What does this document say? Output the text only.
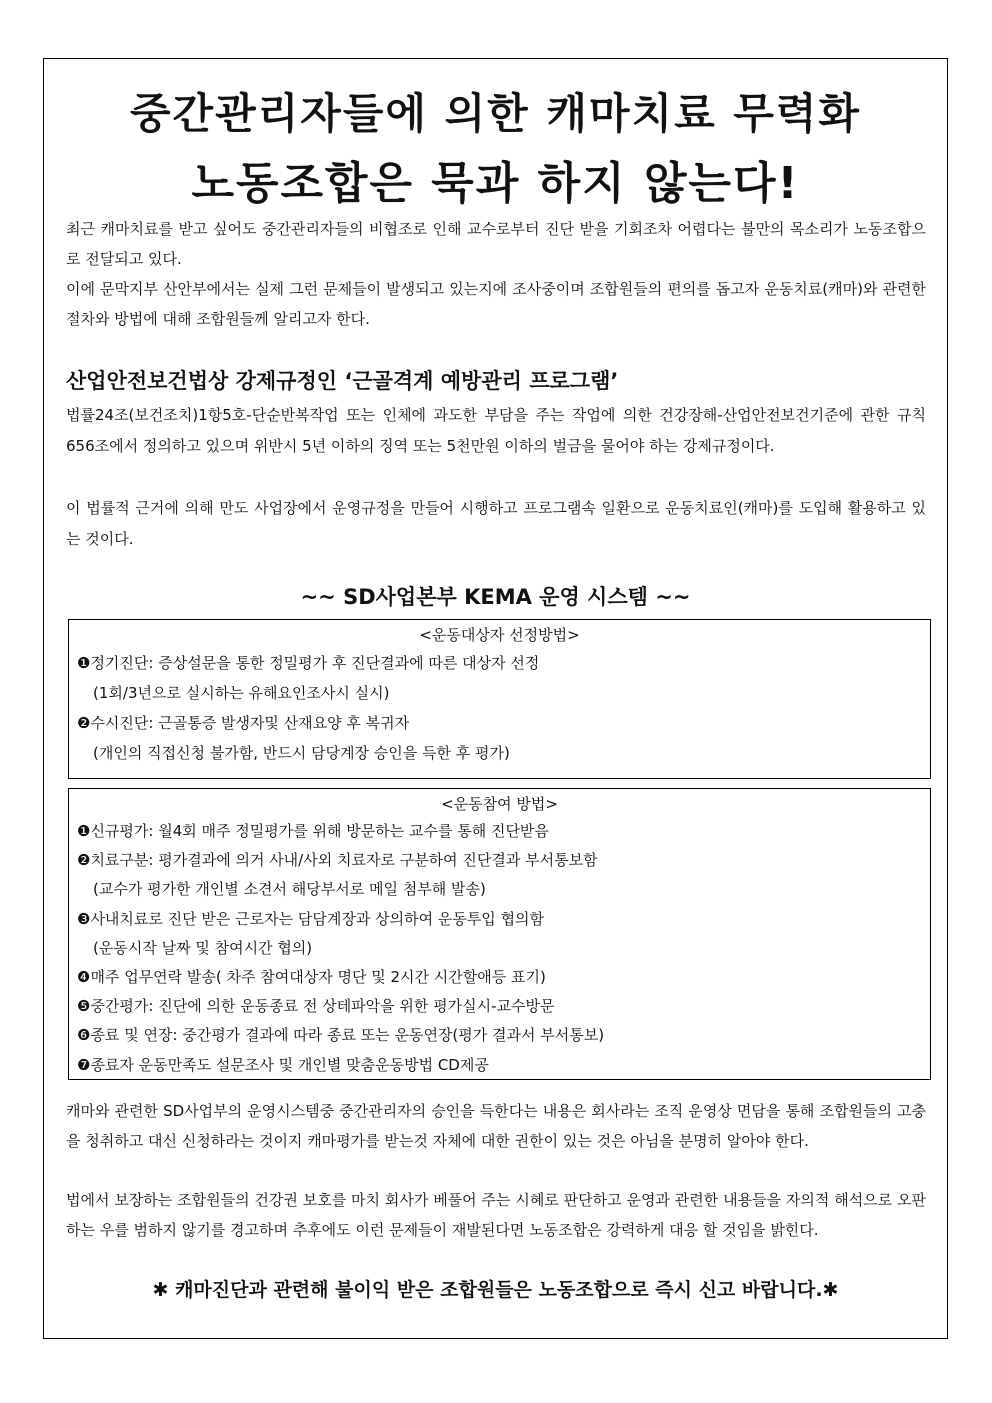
중간관리자들에 의한 캐마치료 무력화
노동조합은 묵과 하지 않는다!

최근 캐마치료를 받고 싶어도 중간관리자들의 비협조로 인해 교수로부터 진단 받을 기회조차 어렵다는 불만의 목소리가 노동조합으로 전달되고 있다.

이에 문막지부 산안부에서는 실제 그런 문제들이 발생되고 있는지에 조사중이며 조합원들의 편의를 돕고자 운동치료(캐마)와 관련한 절차와 방법에 대해 조합원들께 알리고자 한다.

산업안전보건법상 강제규정인 ‘근골격계 예방관리 프로그램’

법률24조(보건조치)1항5호-단순반복작업 또는 인체에 과도한 부담을 주는 작업에 의한 건강장해-산업안전보건기준에 관한 규칙 656조에서 정의하고 있으며 위반시 5년 이하의 징역 또는 5천만원 이하의 벌금을 물어야 하는 강제규정이다.

이 법률적 근거에 의해 만도 사업장에서 운영규정을 만들어 시행하고 프로그램속 일환으로 운동치료인(캐마)를 도입해 활용하고 있는 것이다.

~~ SD사업본부 KEMA 운영 시스템 ~~
<운동대상자 선정방법>
❶정기진단: 증상설문을 통한 정밀평가 후 진단결과에 따른 대상자 선정
(1회/3년으로 실시하는 유해요인조사시 실시)
❷수시진단: 근골통증 발생자및 산재요양 후 복귀자
(개인의 직접신청 불가함, 반드시 담당계장 승인을 득한 후 평가)
<운동참여 방법>
❶신규평가: 월4회 매주 정밀평가를 위해 방문하는 교수를 통해 진단받음
❷치료구분: 평가결과에 의거 사내/사외 치료자로 구분하여 진단결과 부서통보함
(교수가 평가한 개인별 소견서 해당부서로 메일 첨부해 발송)
❸사내치료로 진단 받은 근로자는 담담계장과 상의하여 운동투입 협의함
(운동시작 날짜 및 참여시간 협의)
❹매주 업무연락 발송( 차주 참여대상자 명단 및 2시간 시간할애등 표기)
❺중간평가: 진단에 의한 운동종료 전 상테파악을 위한 평가실시-교수방문
❻종료 및 연장: 중간평가 결과에 따라 종료 또는 운동연장(평가 결과서 부서통보)
❼종료자 운동만족도 설문조사 및 개인별 맞춤운동방법 CD제공

캐마와 관련한 SD사업부의 운영시스템중 중간관리자의 승인을 득한다는 내용은 회사라는 조직 운영상 면담을 통해 조합원들의 고충을 청취하고 대신 신청하라는 것이지 캐마평가를 받는것 자체에 대한 권한이 있는 것은 아님을 분명히 알아야 한다.

법에서 보장하는 조합원들의 건강권 보호를 마치 회사가 베풀어 주는 시혜로 판단하고 운영과 관련한 내용들을 자의적 해석으로 오판하는 우를 범하지 않기를 경고하며 추후에도 이런 문제들이 재발된다면 노동조합은 강력하게 대응 할 것임을 밝힌다.

✱ 캐마진단과 관련해 불이익 받은 조합원들은 노동조합으로 즉시 신고 바랍니다.✱
